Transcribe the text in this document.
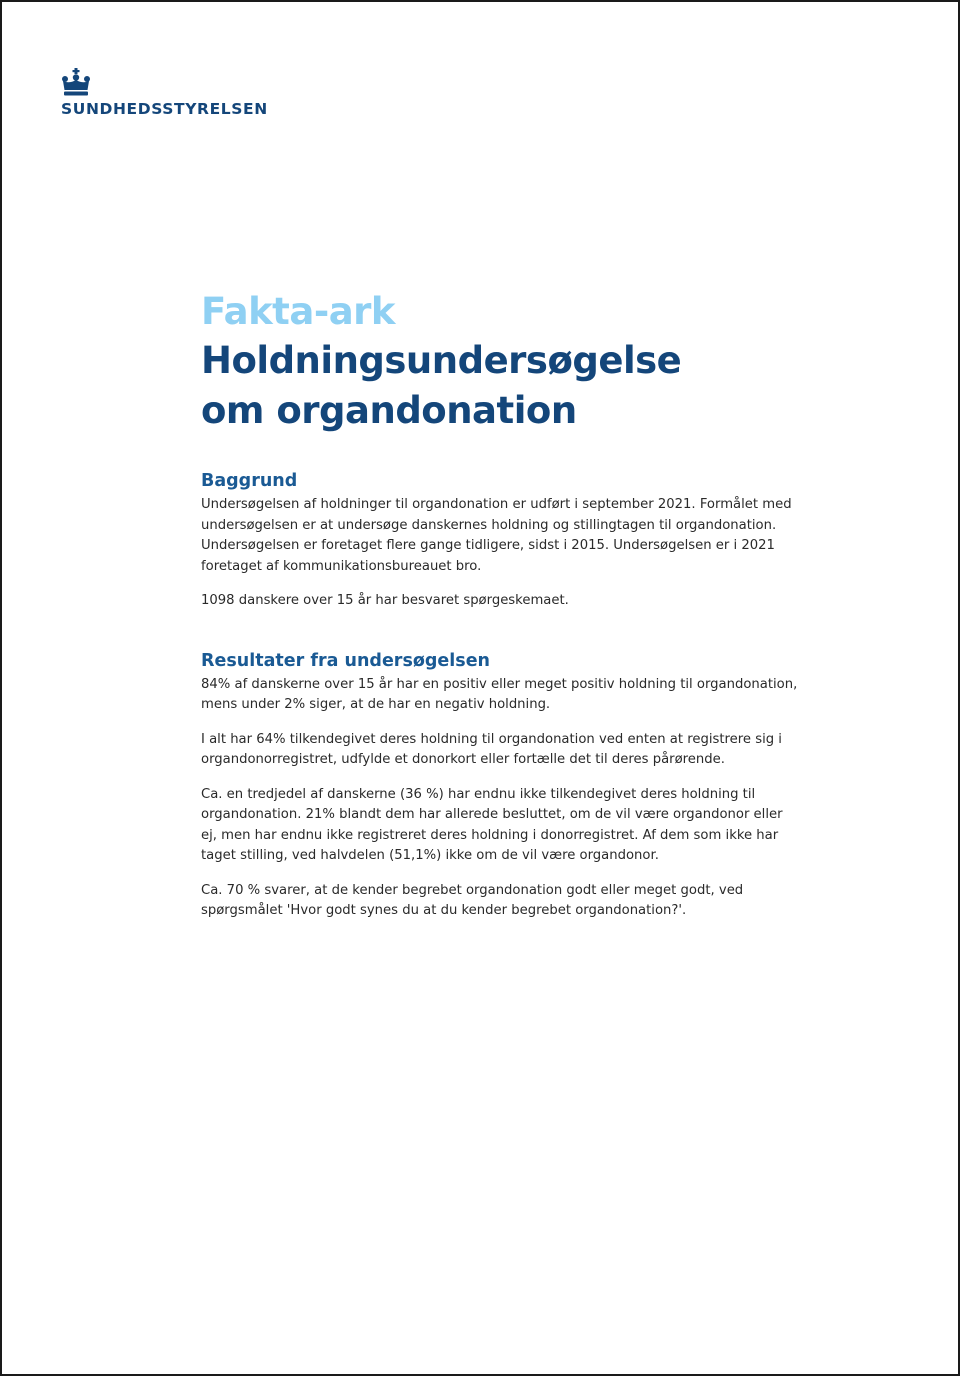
SUNDHEDSSTYRELSEN
Fakta-ark
Holdningsundersøgelse
om organdonation
Baggrund

Undersøgelsen af holdninger til organdonation er udført i september 2021. Formålet med undersøgelsen er at undersøge danskernes holdning og stillingtagen til organdonation. Undersøgelsen er foretaget flere gange tidligere, sidst i 2015. Undersøgelsen er i 2021 foretaget af kommunikationsbureauet bro.

1098 danskere over 15 år har besvaret spørgeskemaet.

Resultater fra undersøgelsen

84% af danskerne over 15 år har en positiv eller meget positiv holdning til organdonation, mens under 2% siger, at de har en negativ holdning.

I alt har 64% tilkendegivet deres holdning til organdonation ved enten at registrere sig i organdonorregistret, udfylde et donorkort eller fortælle det til deres pårørende.

Ca. en tredjedel af danskerne (36 %) har endnu ikke tilkendegivet deres holdning til organdonation. 21% blandt dem har allerede besluttet, om de vil være organdonor eller ej, men har endnu ikke registreret deres holdning i donorregistret. Af dem som ikke har taget stilling, ved halvdelen (51,1%) ikke om de vil være organdonor.

Ca. 70 % svarer, at de kender begrebet organdonation godt eller meget godt, ved spørgsmålet 'Hvor godt synes du at du kender begrebet organdonation?'.
